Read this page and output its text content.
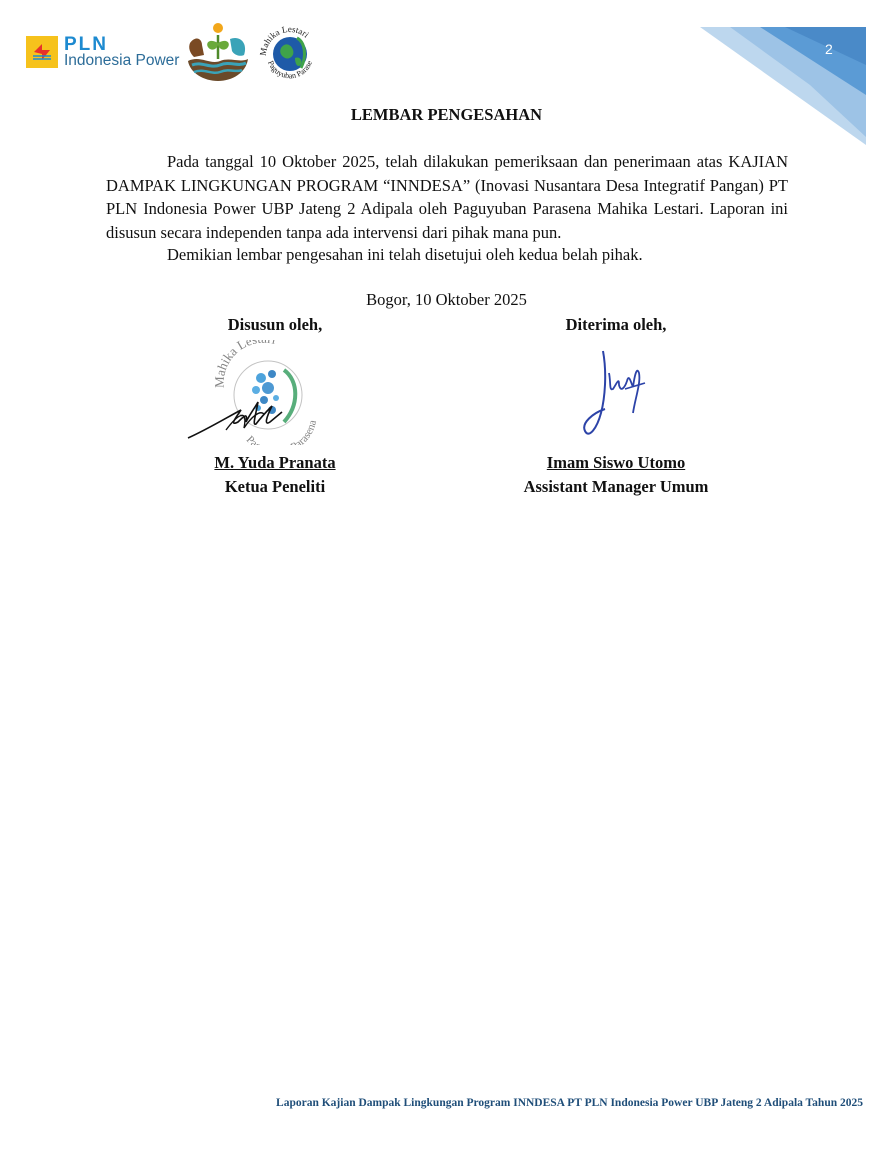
PLN
Indonesia Power
Mahika Lestari
Paguyuban Parase
2
LEMBAR PENGESAHAN

Pada tanggal 10 Oktober 2025, telah dilakukan pemeriksaan dan penerimaan atas KAJIAN DAMPAK LINGKUNGAN PROGRAM “INNDESA” (Inovasi Nusantara Desa Integratif Pangan) PT PLN Indonesia Power UBP Jateng 2 Adipala oleh Paguyuban Parasena Mahika Lestari. Laporan ini disusun secara independen tanpa ada intervensi dari pihak mana pun.

Demikian lembar pengesahan ini telah disetujui oleh kedua belah pihak.
Bogor, 10 Oktober 2025
Disusun oleh,
Mahika Le
Pa arasena
M. Yuda Pranata
Ketua Peneliti
Diterima oleh,
Imam Siswo Utomo
Assistant Manager Umum
Laporan Kajian Dampak Lingkungan Program INNDESA PT PLN Indonesia Power UBP Jateng 2 Adipala Tahun 2025
